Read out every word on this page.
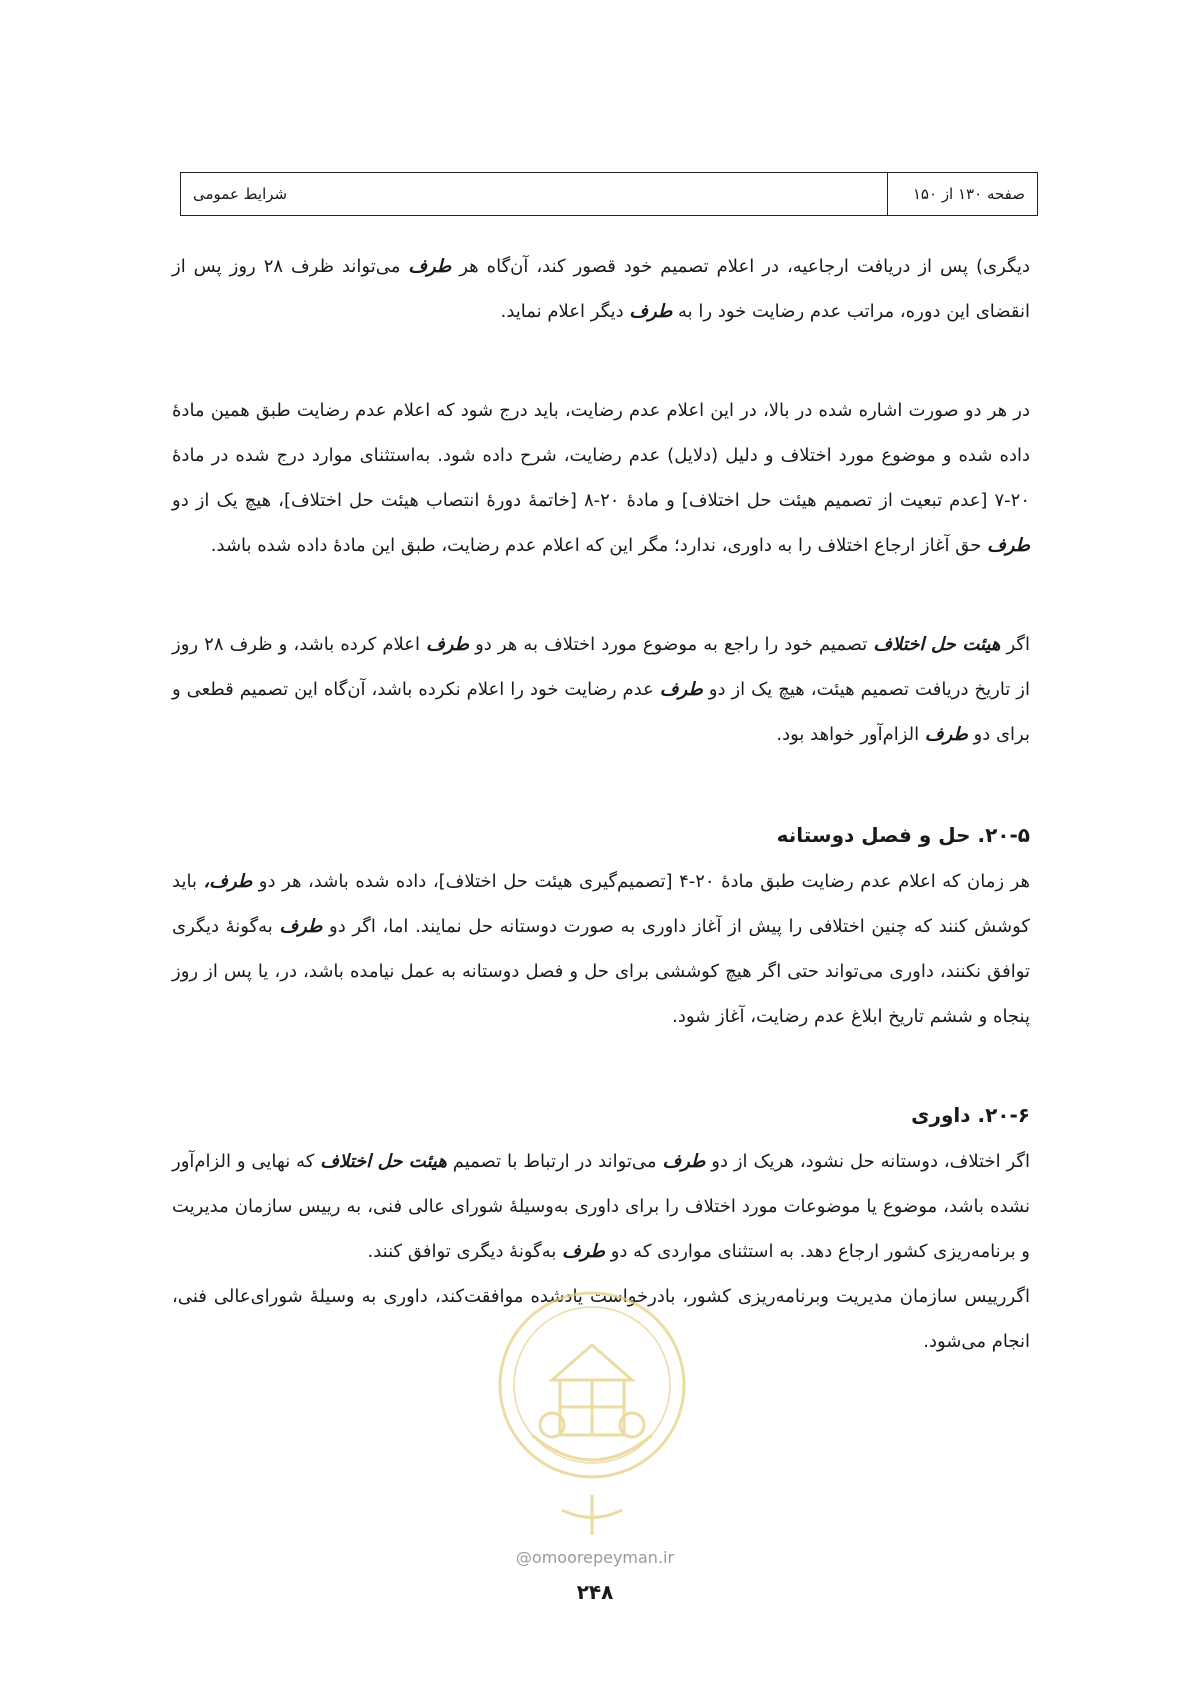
صفحه ۱۳۰ از ۱۵۰
شرایط عمومی

دیگری) پس از دریافت ارجاعیه، در اعلام تصمیم خود قصور کند، آن‌گاه هر طرف می‌تواند ظرف ۲۸ روز پس از انقضای این دوره، مراتب عدم رضایت خود را به طرف دیگر اعلام نماید.

در هر دو صورت اشاره شده در بالا، در این اعلام عدم رضایت، باید درج شود که اعلام عدم رضایت طبق همین مادهٔ داده شده و موضوع مورد اختلاف و دلیل (دلایل) عدم رضایت، شرح داده شود. به‌استثنای موارد درج شده در مادهٔ ۲۰-۷ [عدم تبعیت از تصمیم هیئت حل اختلاف] و مادهٔ ۲۰-۸ [خاتمهٔ دورهٔ انتصاب هیئت حل اختلاف]، هیچ یک از دو طرف حق آغاز ارجاع اختلاف را به داوری، ندارد؛ مگر این که اعلام عدم رضایت، طبق این مادهٔ داده شده باشد.

اگر هیئت حل اختلاف تصمیم خود را راجع به موضوع مورد اختلاف به هر دو طرف اعلام کرده باشد، و ظرف ۲۸ روز از تاریخ دریافت تصمیم هیئت، هیچ یک از دو طرف عدم رضایت خود را اعلام نکرده باشد، آن‌گاه این تصمیم قطعی و برای دو طرف الزام‌آور خواهد بود.

۲۰-۵. حل و فصل دوستانه

هر زمان که اعلام عدم رضایت طبق مادهٔ ۲۰-۴ [تصمیم‌گیری هیئت حل اختلاف]، داده شده باشد، هر دو طرف، باید کوشش کنند که چنین اختلافی را پیش از آغاز داوری به صورت دوستانه حل نمایند. اما، اگر دو طرف به‌گونهٔ دیگری توافق نکنند، داوری می‌تواند حتی اگر هیچ کوششی برای حل و فصل دوستانه به عمل نیامده باشد، در، یا پس از روز پنجاه و ششم تاریخ ابلاغ عدم رضایت، آغاز شود.

۲۰-۶. داوری

اگر اختلاف، دوستانه حل نشود، هریک از دو طرف می‌تواند در ارتباط با تصمیم هیئت حل اختلاف که نهایی و الزام‌آور نشده باشد، موضوع یا موضوعات مورد اختلاف را برای داوری به‌وسیلهٔ شورای عالی فنی، به رییس سازمان مدیریت و برنامه‌ریزی کشور ارجاع دهد. به استثنای مواردی که دو طرف به‌گونهٔ دیگری توافق کنند.

اگررییس سازمان مدیریت وبرنامه‌ریزی کشور، بادرخواست یادشده موافقت‌کند، داوری به وسیلهٔ شورای‌عالی فنی، انجام می‌شود.

@omoorepeyman.ir
۲۴۸
